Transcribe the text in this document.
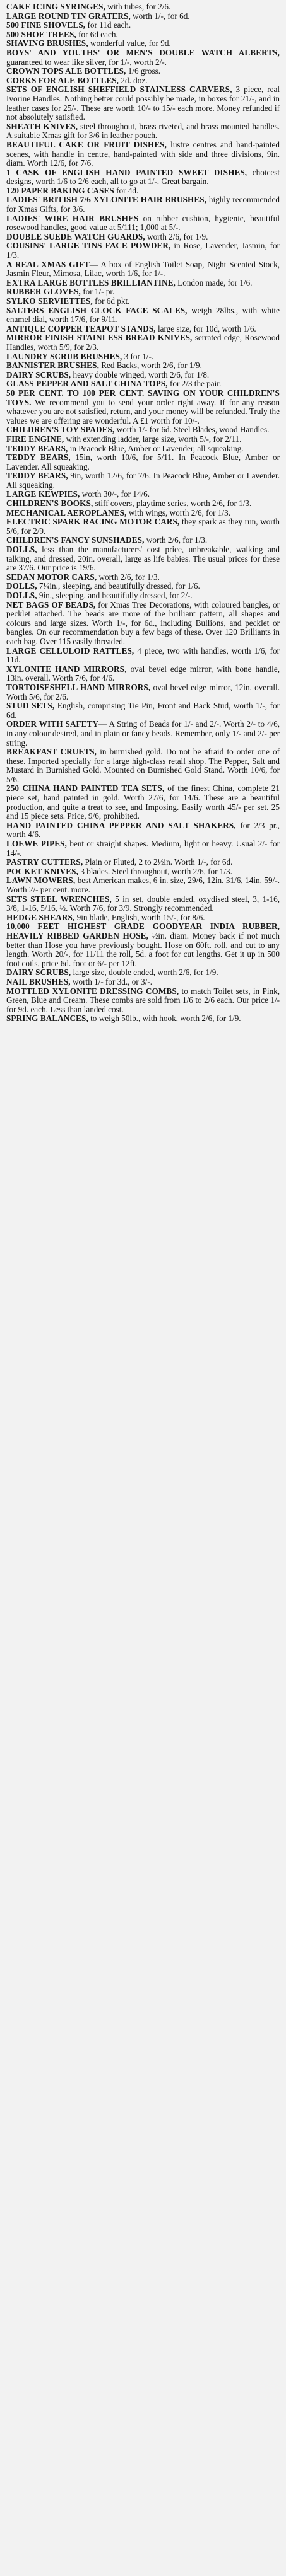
CAKE ICING SYRINGES, with tubes, for 2/6.

LARGE ROUND TIN GRATERS, worth 1/-, for 6d.

500 FINE SHOVELS, for 11d each.

500 SHOE TREES, for 6d each.

SHAVING BRUSHES, wonderful value, for 9d.

BOYS' AND YOUTHS' OR MEN'S DOUBLE WATCH ALBERTS, guaranteed to wear like silver, for 1/-, worth 2/-.

CROWN TOPS ALE BOTTLES, 1/6 gross.

CORKS FOR ALE BOTTLES, 2d. doz.

SETS OF ENGLISH SHEFFIELD STAINLESS CARVERS, 3 piece, real Ivorine Handles. Nothing better could possibly be made, in boxes for 21/-, and in leather cases for 25/-. These are worth 10/- to 15/- each more. Money refunded if not absolutely satisfied.

SHEATH KNIVES, steel throughout, brass riveted, and brass mounted handles. A suitable Xmas gift for 3/6 in leather pouch.

BEAUTIFUL CAKE OR FRUIT DISHES, lustre centres and hand-painted scenes, with handle in centre, hand-painted with side and three divisions, 9in. diam. Worth 12/6, for 7/6.

1 CASK OF ENGLISH HAND PAINTED SWEET DISHES, choicest designs, worth 1/6 to 2/6 each, all to go at 1/-. Great bargain.

120 PAPER BAKING CASES for 4d.

LADIES' BRITISH 7/6 XYLONITE HAIR BRUSHES, highly recommended for Xmas Gifts, for 3/6.

LADIES' WIRE HAIR BRUSHES on rubber cushion, hygienic, beautiful rosewood handles, good value at 5/111; 1,000 at 5/-.

DOUBLE SUEDE WATCH GUARDS, worth 2/6, for 1/9.

COUSINS' LARGE TINS FACE POWDER, in Rose, Lavender, Jasmin, for 1/3.

A REAL XMAS GIFT— A box of English Toilet Soap, Night Scented Stock, Jasmin Fleur, Mimosa, Lilac, worth 1/6, for 1/-.

EXTRA LARGE BOTTLES BRILLIANTINE, London made, for 1/6.

RUBBER GLOVES, for 1/- pr.

SYLKO SERVIETTES, for 6d pkt.

SALTERS ENGLISH CLOCK FACE SCALES, weigh 28lbs., with white enamel dial, worth 17/6, for 9/11.

ANTIQUE COPPER TEAPOT STANDS, large size, for 10d, worth 1/6.

MIRROR FINISH STAINLESS BREAD KNIVES, serrated edge, Rosewood Handles, worth 5/9, for 2/3.

LAUNDRY SCRUB BRUSHES, 3 for 1/-.

BANNISTER BRUSHES, Red Backs, worth 2/6, for 1/9.

DAIRY SCRUBS, heavy double winged, worth 2/6, for 1/8.

GLASS PEPPER AND SALT CHINA TOPS, for 2/3 the pair.

50 PER CENT. TO 100 PER CENT. SAVING ON YOUR CHILDREN'S TOYS. We recommend you to send your order right away. If for any reason whatever you are not satisfied, return, and your money will be refunded. Truly the values we are offering are wonderful. A £1 worth for 10/-.

CHILDREN'S TOY SPADES, worth 1/- for 6d. Steel Blades, wood Handles.

FIRE ENGINE, with extending ladder, large size, worth 5/-, for 2/11.

TEDDY BEARS, in Peacock Blue, Amber or Lavender, all squeaking.

TEDDY BEARS, 15in, worth 10/6, for 5/11. In Peacock Blue, Amber or Lavender. All squeaking.

TEDDY BEARS, 9in, worth 12/6, for 7/6. In Peacock Blue, Amber or Lavender. All squeaking.

LARGE KEWPIES, worth 30/-, for 14/6.

CHILDREN'S BOOKS, stiff covers, playtime series, worth 2/6, for 1/3.

MECHANICAL AEROPLANES, with wings, worth 2/6, for 1/3.

ELECTRIC SPARK RACING MOTOR CARS, they spark as they run, worth 5/6, for 2/9.

CHILDREN'S FANCY SUNSHADES, worth 2/6, for 1/3.

DOLLS, less than the manufacturers' cost price, unbreakable, walking and talking, and dressed, 20in. overall, large as life babies. The usual prices for these are 37/6. Our price is 19/6.

SEDAN MOTOR CARS, worth 2/6, for 1/3.

DOLLS, 7¼in., sleeping, and beautifully dressed, for 1/6.

DOLLS, 9in., sleeping, and beautifully dressed, for 2/-.

NET BAGS OF BEADS, for Xmas Tree Decorations, with coloured bangles, or pecklet attached. The beads are more of the brilliant pattern, all shapes and colours and large sizes. Worth 1/-, for 6d., including Bullions, and pecklet or bangles. On our recommendation buy a few bags of these. Over 120 Brilliants in each bag. Over 115 easily threaded.

LARGE CELLULOID RATTLES, 4 piece, two with handles, worth 1/6, for 11d.

XYLONITE HAND MIRRORS, oval bevel edge mirror, with bone handle, 13in. overall. Worth 7/6, for 4/6.

TORTOISESHELL HAND MIRRORS, oval bevel edge mirror, 12in. overall. Worth 5/6, for 2/6.

STUD SETS, English, comprising Tie Pin, Front and Back Stud, worth 1/-, for 6d.

ORDER WITH SAFETY— A String of Beads for 1/- and 2/-. Worth 2/- to 4/6, in any colour desired, and in plain or fancy beads. Remember, only 1/- and 2/- per string.

BREAKFAST CRUETS, in burnished gold. Do not be afraid to order one of these. Imported specially for a large high-class retail shop. The Pepper, Salt and Mustard in Burnished Gold. Mounted on Burnished Gold Stand. Worth 10/6, for 5/6.

250 CHINA HAND PAINTED TEA SETS, of the finest China, complete 21 piece set, hand painted in gold. Worth 27/6, for 14/6. These are a beautiful production, and quite a treat to see, and Imposing. Easily worth 45/- per set. 25 and 15 piece sets. Price, 9/6, prohibited.

HAND PAINTED CHINA PEPPER AND SALT SHAKERS, for 2/3 pr., worth 4/6.

LOEWE PIPES, bent or straight shapes. Medium, light or heavy. Usual 2/- for 14/-.

PASTRY CUTTERS, Plain or Fluted, 2 to 2½in. Worth 1/-, for 6d.

POCKET KNIVES, 3 blades. Steel throughout, worth 2/6, for 1/3.

LAWN MOWERS, best American makes, 6 in. size, 29/6, 12in. 31/6, 14in. 59/-. Worth 2/- per cent. more.

SETS STEEL WRENCHES, 5 in set, double ended, oxydised steel, 3, 1-16, 3/8, 1-16, 5/16, ½. Worth 7/6, for 3/9. Strongly recommended.

HEDGE SHEARS, 9in blade, English, worth 15/-, for 8/6.

10,000 FEET HIGHEST GRADE GOODYEAR INDIA RUBBER, HEAVILY RIBBED GARDEN HOSE, ½in. diam. Money back if not much better than Hose you have previously bought. Hose on 60ft. roll, and cut to any length. Worth 20/-, for 11/11 the roll, 5d. a foot for cut lengths. Get it up in 500 foot coils, price 6d. foot or 6/- per 12ft.

DAIRY SCRUBS, large size, double ended, worth 2/6, for 1/9.

NAIL BRUSHES, worth 1/- for 3d., or 3/-.

MOTTLED XYLONITE DRESSING COMBS, to match Toilet sets, in Pink, Green, Blue and Cream. These combs are sold from 1/6 to 2/6 each. Our price 1/- for 9d. each. Less than landed cost.

SPRING BALANCES, to weigh 50lb., with hook, worth 2/6, for 1/9.
